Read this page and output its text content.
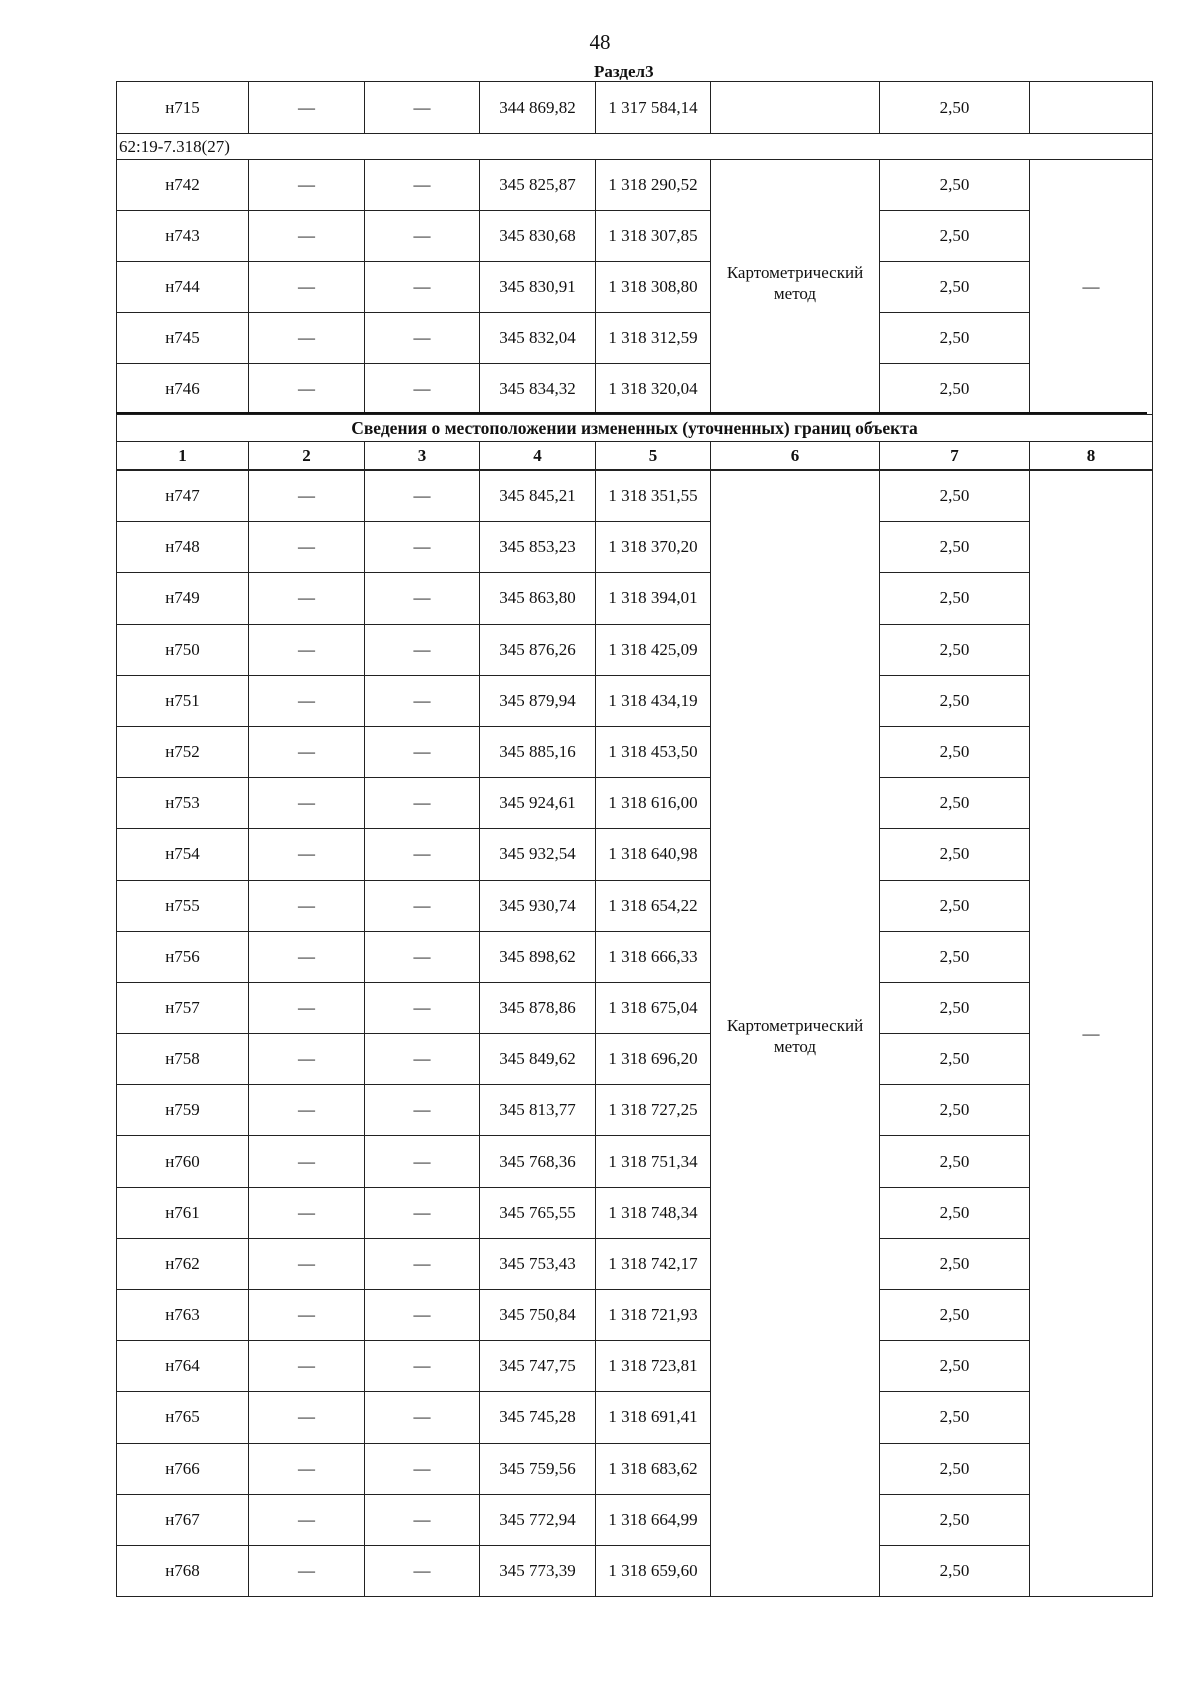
48
Раздел3
н715	—	—	344 869,82	1 317 584,14		2,50	
62:19-7.318(27)							
н742	—	—	345 825,87	1 318 290,52	Картометрический метод	2,50	—
н743	—	—	345 830,68	1 318 307,85		2,50	
н744	—	—	345 830,91	1 318 308,80		2,50	
н745	—	—	345 832,04	1 318 312,59		2,50	
н746	—	—	345 834,32	1 318 320,04		2,50	
Сведения о местоположении измененных (уточненных) границ объекта
1	2	3	4	5	6	7	8
н747	—	—	345 845,21	1 318 351,55	Картометрический метод	2,50	—
н748	—	—	345 853,23	1 318 370,20		2,50	
н749	—	—	345 863,80	1 318 394,01		2,50	
н750	—	—	345 876,26	1 318 425,09		2,50	
н751	—	—	345 879,94	1 318 434,19		2,50	
н752	—	—	345 885,16	1 318 453,50		2,50	
н753	—	—	345 924,61	1 318 616,00		2,50	
н754	—	—	345 932,54	1 318 640,98		2,50	
н755	—	—	345 930,74	1 318 654,22		2,50	
н756	—	—	345 898,62	1 318 666,33		2,50	
н757	—	—	345 878,86	1 318 675,04		2,50	
н758	—	—	345 849,62	1 318 696,20		2,50	
н759	—	—	345 813,77	1 318 727,25		2,50	
н760	—	—	345 768,36	1 318 751,34		2,50	
н761	—	—	345 765,55	1 318 748,34		2,50	
н762	—	—	345 753,43	1 318 742,17		2,50	
н763	—	—	345 750,84	1 318 721,93		2,50	
н764	—	—	345 747,75	1 318 723,81		2,50	
н765	—	—	345 745,28	1 318 691,41		2,50	
н766	—	—	345 759,56	1 318 683,62		2,50	
н767	—	—	345 772,94	1 318 664,99		2,50	
н768	—	—	345 773,39	1 318 659,60		2,50	
